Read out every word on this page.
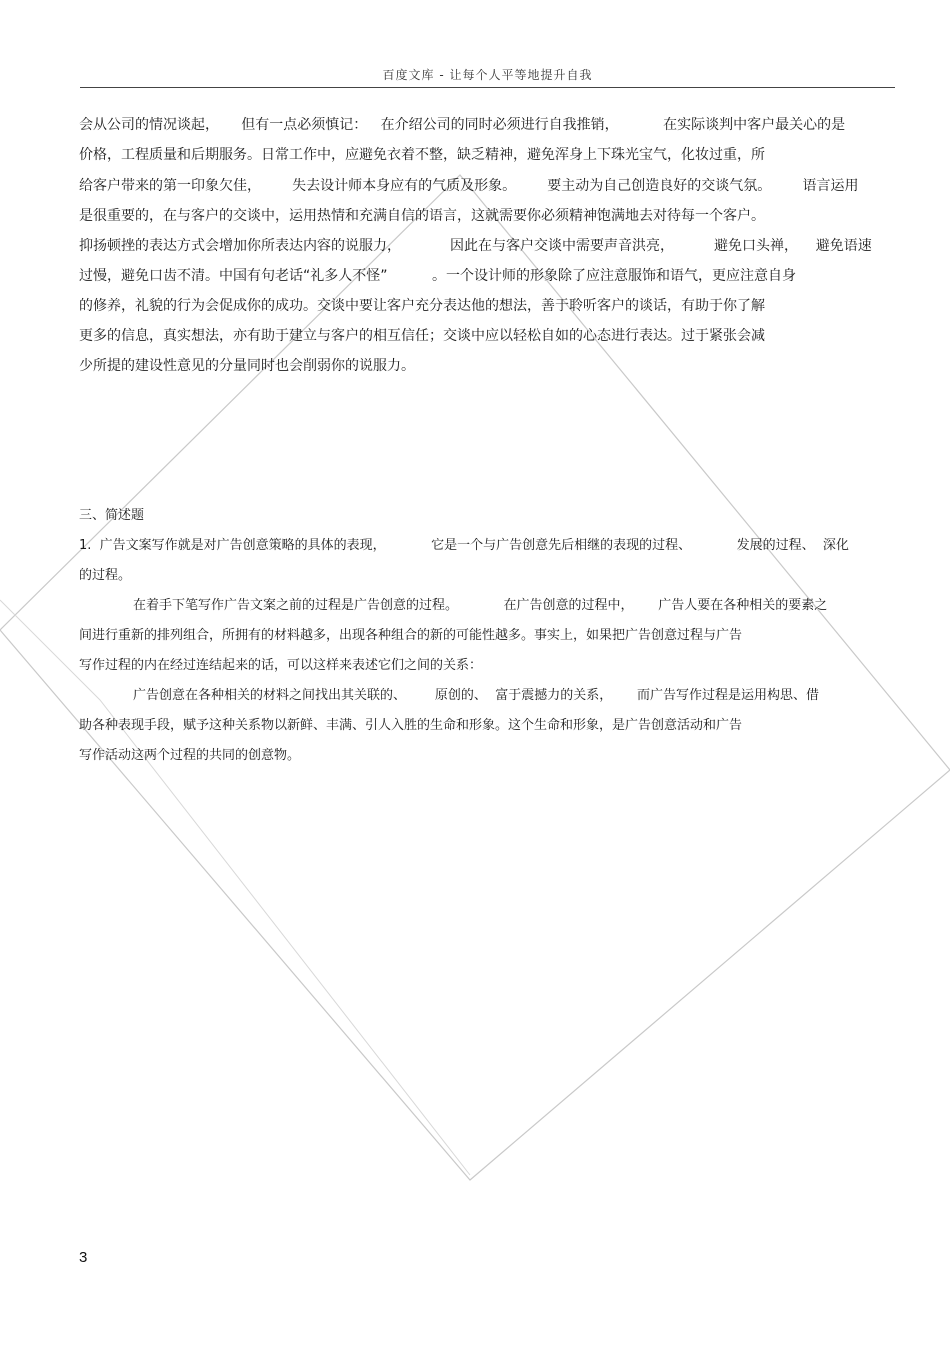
百度文库 - 让每个人平等地提升自我
会从公司的情况谈起，     但有一点必须慎记：   在介绍公司的同时必须进行自我推销，          在实际谈判中客户最关心的是
价格，工程质量和后期服务。日常工作中，应避免衣着不整，缺乏精神，避免浑身上下珠光宝气，化妆过重，所
给客户带来的第一印象欠佳，       失去设计师本身应有的气质及形象。       要主动为自己创造良好的交谈气氛。       语言运用
是很重要的，在与客户的交谈中，运用热情和充满自信的语言，这就需要你必须精神饱满地去对待每一个客户。
抑扬顿挫的表达方式会增加你所表达内容的说服力，           因此在与客户交谈中需要声音洪亮，         避免口头禅，    避免语速
过慢，避免口齿不清。中国有句老话“礼多人不怪”          。一个设计师的形象除了应注意服饰和语气，更应注意自身
的修养，礼貌的行为会促成你的成功。交谈中要让客户充分表达他的想法，善于聆听客户的谈话，有助于你了解
更多的信息，真实想法，亦有助于建立与客户的相互信任；交谈中应以轻松自如的心态进行表达。过于紧张会减
少所提的建设性意见的分量同时也会削弱你的说服力。
三、简述题
1.  广告文案写作就是对广告创意策略的具体的表现，           它是一个与广告创意先后相继的表现的过程、           发展的过程、  深化
的过程。
在着手下笔写作广告文案之前的过程是广告创意的过程。           在广告创意的过程中，      广告人要在各种相关的要素之
间进行重新的排列组合，所拥有的材料越多，出现各种组合的新的可能性越多。事实上，如果把广告创意过程与广告
写作过程的内在经过连结起来的话，可以这样来表述它们之间的关系：
广告创意在各种相关的材料之间找出其关联的、       原创的、  富于震撼力的关系，      而广告写作过程是运用构思、借
助各种表现手段，赋予这种关系物以新鲜、丰满、引人入胜的生命和形象。这个生命和形象，是广告创意活动和广告
写作活动这两个过程的共同的创意物。
3
